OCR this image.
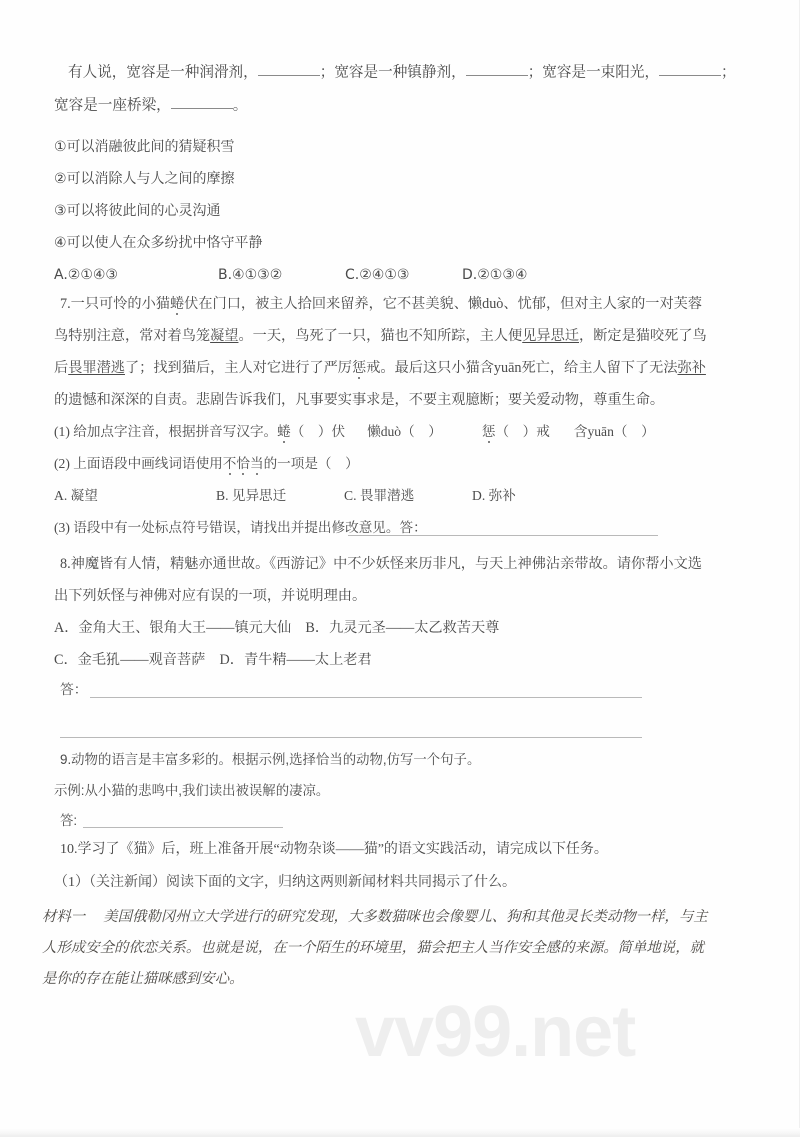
vv99.net
有人说，宽容是一种润滑剂，	；宽容是一种镇静剂，	；宽容是一束阳光，	；
宽容是一座桥梁，	。
①可以消融彼此间的猜疑积雪
②可以消除人与人之间的摩擦
③可以将彼此间的心灵沟通
④可以使人在众多纷扰中恪守平静
A.②①④③	B.④①③②	C.②④①③	D.②①③④
7.一只可怜的小猫蜷伏在门口，被主人拾回来留养，它不甚美貌、懒duò、忧郁，但对主人家的一对芙蓉
鸟特别注意，常对着鸟笼凝望。一天，鸟死了一只，猫也不知所踪，主人便见异思迁，断定是猫咬死了鸟
后畏罪潜逃了；找到猫后，主人对它进行了严厉惩戒。最后这只小猫含yuān死亡，给主人留下了无法弥补
的遗憾和深深的自责。悲剧告诉我们，凡事要实事求是，不要主观臆断；要关爱动物，尊重生命。
(1) 给加点字注音，根据拼音写汉字。蜷（　）伏 懒duò（　）	惩（　）戒 含yuān（　）
(2) 上面语段中画线词语使用不恰当的一项是（　）
A. 凝望	B. 见异思迁	C. 畏罪潜逃	D. 弥补
(3) 语段中有一处标点符号错误，请找出并提出修改意见。答：
8.神魔皆有人情，精魅亦通世故。《西游记》中不少妖怪来历非凡，与天上神佛沾亲带故。请你帮小文选
出下列妖怪与神佛对应有误的一项，并说明理由。
A．金角大王、银角大王——镇元大仙　B．九灵元圣——太乙救苦天尊
C．金毛犼——观音菩萨　D．青牛精——太上老君
答：
9.动物的语言是丰富多彩的。根据示例,选择恰当的动物,仿写一个句子。
示例:从小猫的悲鸣中,我们读出被误解的凄凉。
答:
10.学习了《猫》后，班上准备开展“动物杂谈——猫”的语文实践活动，请完成以下任务。
（1）（关注新闻）阅读下面的文字，归纳这两则新闻材料共同揭示了什么。
材料一 美国俄勒冈州立大学进行的研究发现，大多数猫咪也会像婴儿、狗和其他灵长类动物一样，与主
人形成安全的依恋关系。也就是说，在一个陌生的环境里，猫会把主人当作安全感的来源。简单地说，就
是你的存在能让猫咪感到安心。
